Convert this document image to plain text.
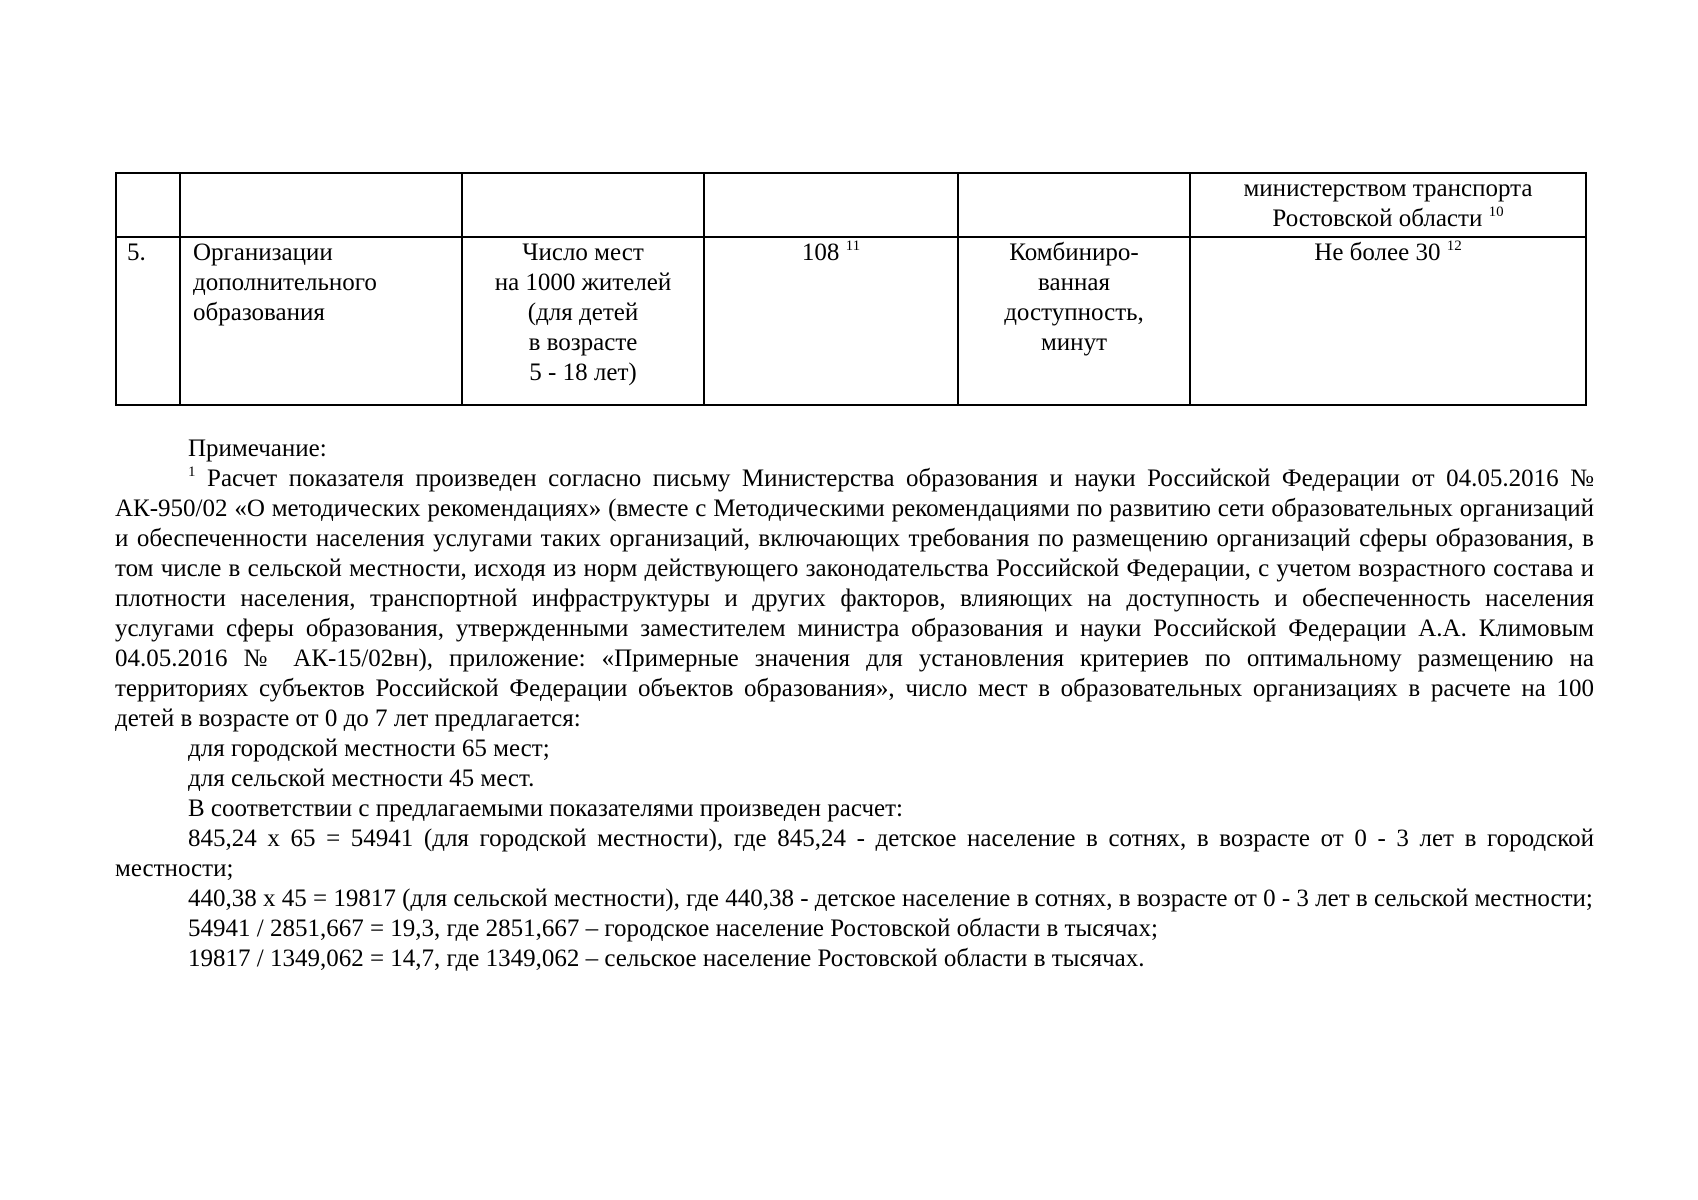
					министерством транспорта
Ростовской области $^{10}$

5.	Организации
дополнительного
образования	Число мест
на 1000 жителей
(для детей
в возрасте
5 - 18 лет)	108 $^{11}$	Комбиниро-
ванная
доступность,
минут	Не более 30 $^{12}$

Примечание:

$^1$ Расчет показателя произведен согласно письму Министерства образования и науки Российской Федерации от 04.05.2016 № АК-950/02 «О методических рекомендациях» (вместе с Методическими рекомендациями по развитию сети образовательных организаций и обеспеченности населения услугами таких организаций, включающих требования по размещению организаций сферы образования, в том числе в сельской местности, исходя из норм действующего законодательства Российской Федерации, с учетом возрастного состава и плотности населения, транспортной инфраструктуры и других факторов, влияющих на доступность и обеспеченность населения услугами сферы образования, утвержденными заместителем министра образования и науки Российской Федерации А.А. Климовым 04.05.2016 № АК-15/02вн), приложение: «Примерные значения для установления критериев по оптимальному размещению на территориях субъектов Российской Федерации объектов образования», число мест в образовательных организациях в расчете на 100 детей в возрасте от 0 до 7 лет предлагается:

для городской местности 65 мест;

для сельской местности 45 мест.

В соответствии с предлагаемыми показателями произведен расчет:

845,24 x 65 = 54941 (для городской местности), где 845,24 - детское население в сотнях, в возрасте от 0 - 3 лет в городской местности;

440,38 x 45 = 19817 (для сельской местности), где 440,38 - детское население в сотнях, в возрасте от 0 - 3 лет в сельской местности;

54941 / 2851,667 = 19,3, где 2851,667 – городское население Ростовской области в тысячах;

19817 / 1349,062 = 14,7, где 1349,062 – сельское население Ростовской области в тысячах.
